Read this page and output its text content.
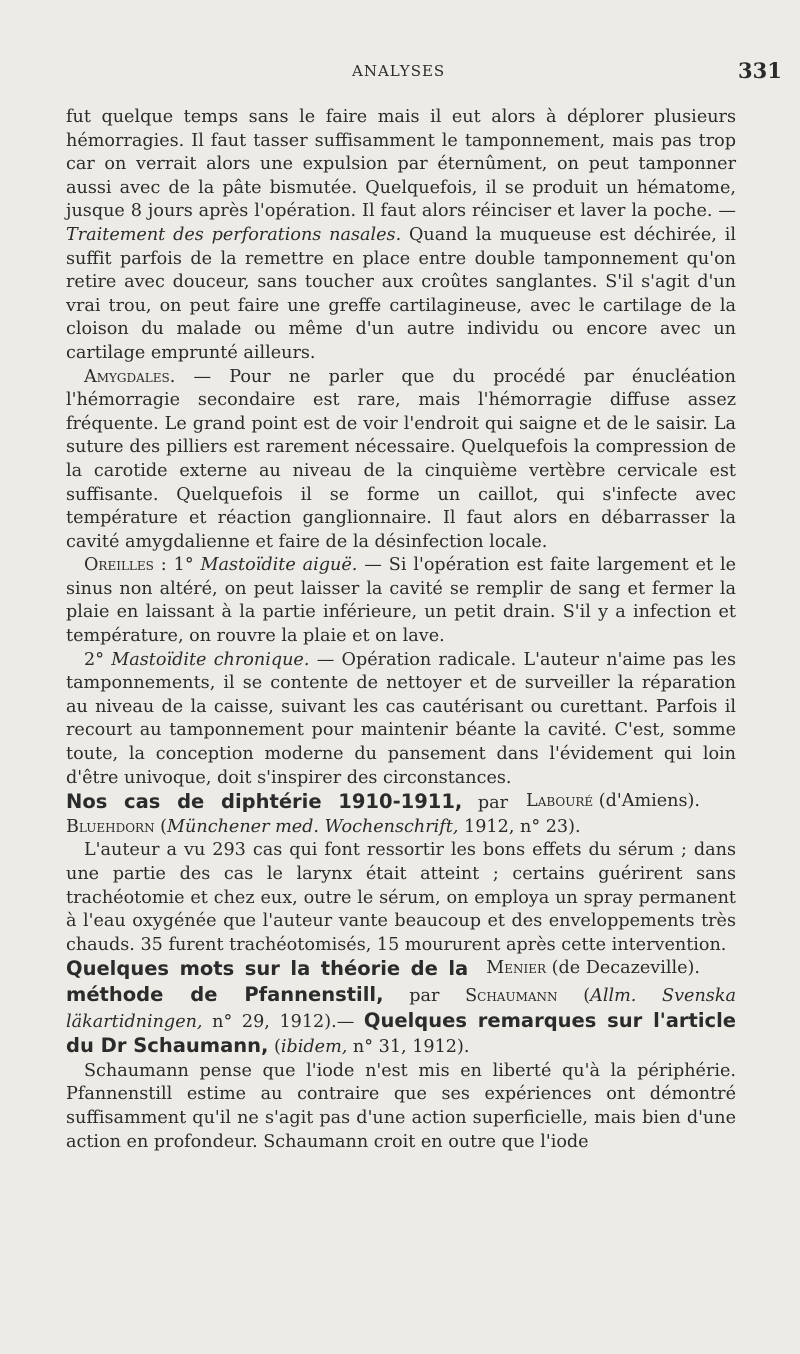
ANALYSES	331

fut quelque temps sans le faire mais il eut alors à déplorer plusieurs hémorragies. Il faut tasser suffisamment le tamponnement, mais pas trop car on verrait alors une expulsion par éternûment, on peut tamponner aussi avec de la pâte bismutée. Quelquefois, il se produit un hématome, jusque 8 jours après l'opération. Il faut alors réinciser et laver la poche. — Traitement des perforations nasales. Quand la muqueuse est déchirée, il suffit parfois de la remettre en place entre double tamponnement qu'on retire avec douceur, sans toucher aux croûtes sanglantes. S'il s'agit d'un vrai trou, on peut faire une greffe cartilagineuse, avec le cartilage de la cloison du malade ou même d'un autre individu ou encore avec un cartilage emprunté ailleurs.

Amygdales. — Pour ne parler que du procédé par énucléation l'hémorragie secondaire est rare, mais l'hémorragie diffuse assez fréquente. Le grand point est de voir l'endroit qui saigne et de le saisir. La suture des pilliers est rarement nécessaire. Quelquefois la compression de la carotide externe au niveau de la cinquième vertèbre cervicale est suffisante. Quelquefois il se forme un caillot, qui s'infecte avec température et réaction ganglionnaire. Il faut alors en débarrasser la cavité amygdalienne et faire de la désinfection locale.

Oreilles : 1° Mastoïdite aiguë. — Si l'opération est faite largement et le sinus non altéré, on peut laisser la cavité se remplir de sang et fermer la plaie en laissant à la partie inférieure, un petit drain. S'il y a infection et température, on rouvre la plaie et on lave.

2° Mastoïdite chronique. — Opération radicale. L'auteur n'aime pas les tamponnements, il se contente de nettoyer et de surveiller la réparation au niveau de la caisse, suivant les cas cautérisant ou curettant. Parfois il recourt au tamponnement pour maintenir béante la cavité. C'est, somme toute, la conception moderne du pansement dans l'évidement qui loin d'être univoque, doit s'inspirer des circonstances.
Labouré (d'Amiens).

Nos cas de diphtérie 1910-1911, par Bluehdorn (Münchener med. Wochenschrift, 1912, n° 23).

L'auteur a vu 293 cas qui font ressortir les bons effets du sérum ; dans une partie des cas le larynx était atteint ; certains guérirent sans trachéotomie et chez eux, outre le sérum, on employa un spray permanent à l'eau oxygénée que l'auteur vante beaucoup et des enveloppements très chauds. 35 furent trachéotomisés, 15 moururent après cette intervention.
Menier (de Decazeville).

Quelques mots sur la théorie de la méthode de Pfannenstill, par Schaumann (Allm. Svenska läkartidningen, n° 29, 1912).— Quelques remarques sur l'article du Dr Schaumann, (ibidem, n° 31, 1912).

Schaumann pense que l'iode n'est mis en liberté qu'à la périphérie. Pfannenstill estime au contraire que ses expériences ont démontré suffisamment qu'il ne s'agit pas d'une action superficielle, mais bien d'une action en profondeur. Schaumann croit en outre que l'iode
